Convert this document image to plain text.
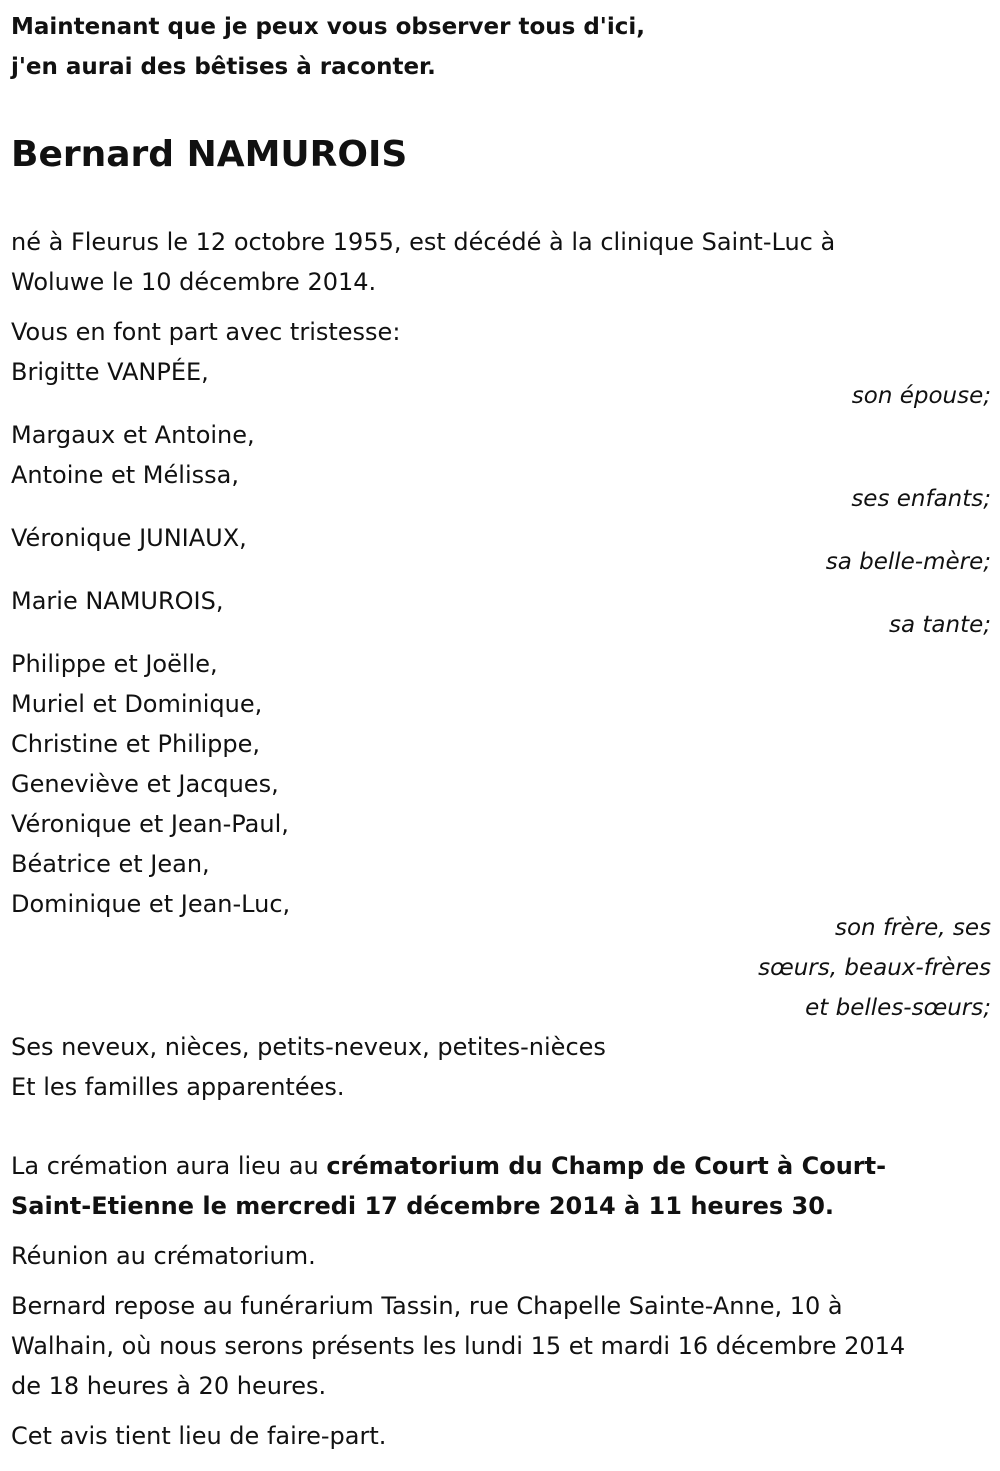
Maintenant que je peux vous observer tous d'ici,
j'en aurai des bêtises à raconter.
Bernard NAMUROIS
né à Fleurus le 12 octobre 1955, est décédé à la clinique Saint-Luc à
Woluwe le 10 décembre 2014.
Vous en font part avec tristesse:
Brigitte VANPÉE,
son épouse;
Margaux et Antoine,
Antoine et Mélissa,
ses enfants;
Véronique JUNIAUX,
sa belle-mère;
Marie NAMUROIS,
sa tante;
Philippe et Joëlle,
Muriel et Dominique,
Christine et Philippe,
Geneviève et Jacques,
Véronique et Jean-Paul,
Béatrice et Jean,
Dominique et Jean-Luc,
son frère, ses
sœurs, beaux-frères
et belles-sœurs;
Ses neveux, nièces, petits-neveux, petites-nièces
Et les familles apparentées.
La crémation aura lieu au crématorium du Champ de Court à Court-
Saint-Etienne le mercredi 17 décembre 2014 à 11 heures 30.
Réunion au crématorium.
Bernard repose au funérarium Tassin, rue Chapelle Sainte-Anne, 10 à
Walhain, où nous serons présents les lundi 15 et mardi 16 décembre 2014
de 18 heures à 20 heures.
Cet avis tient lieu de faire-part.
